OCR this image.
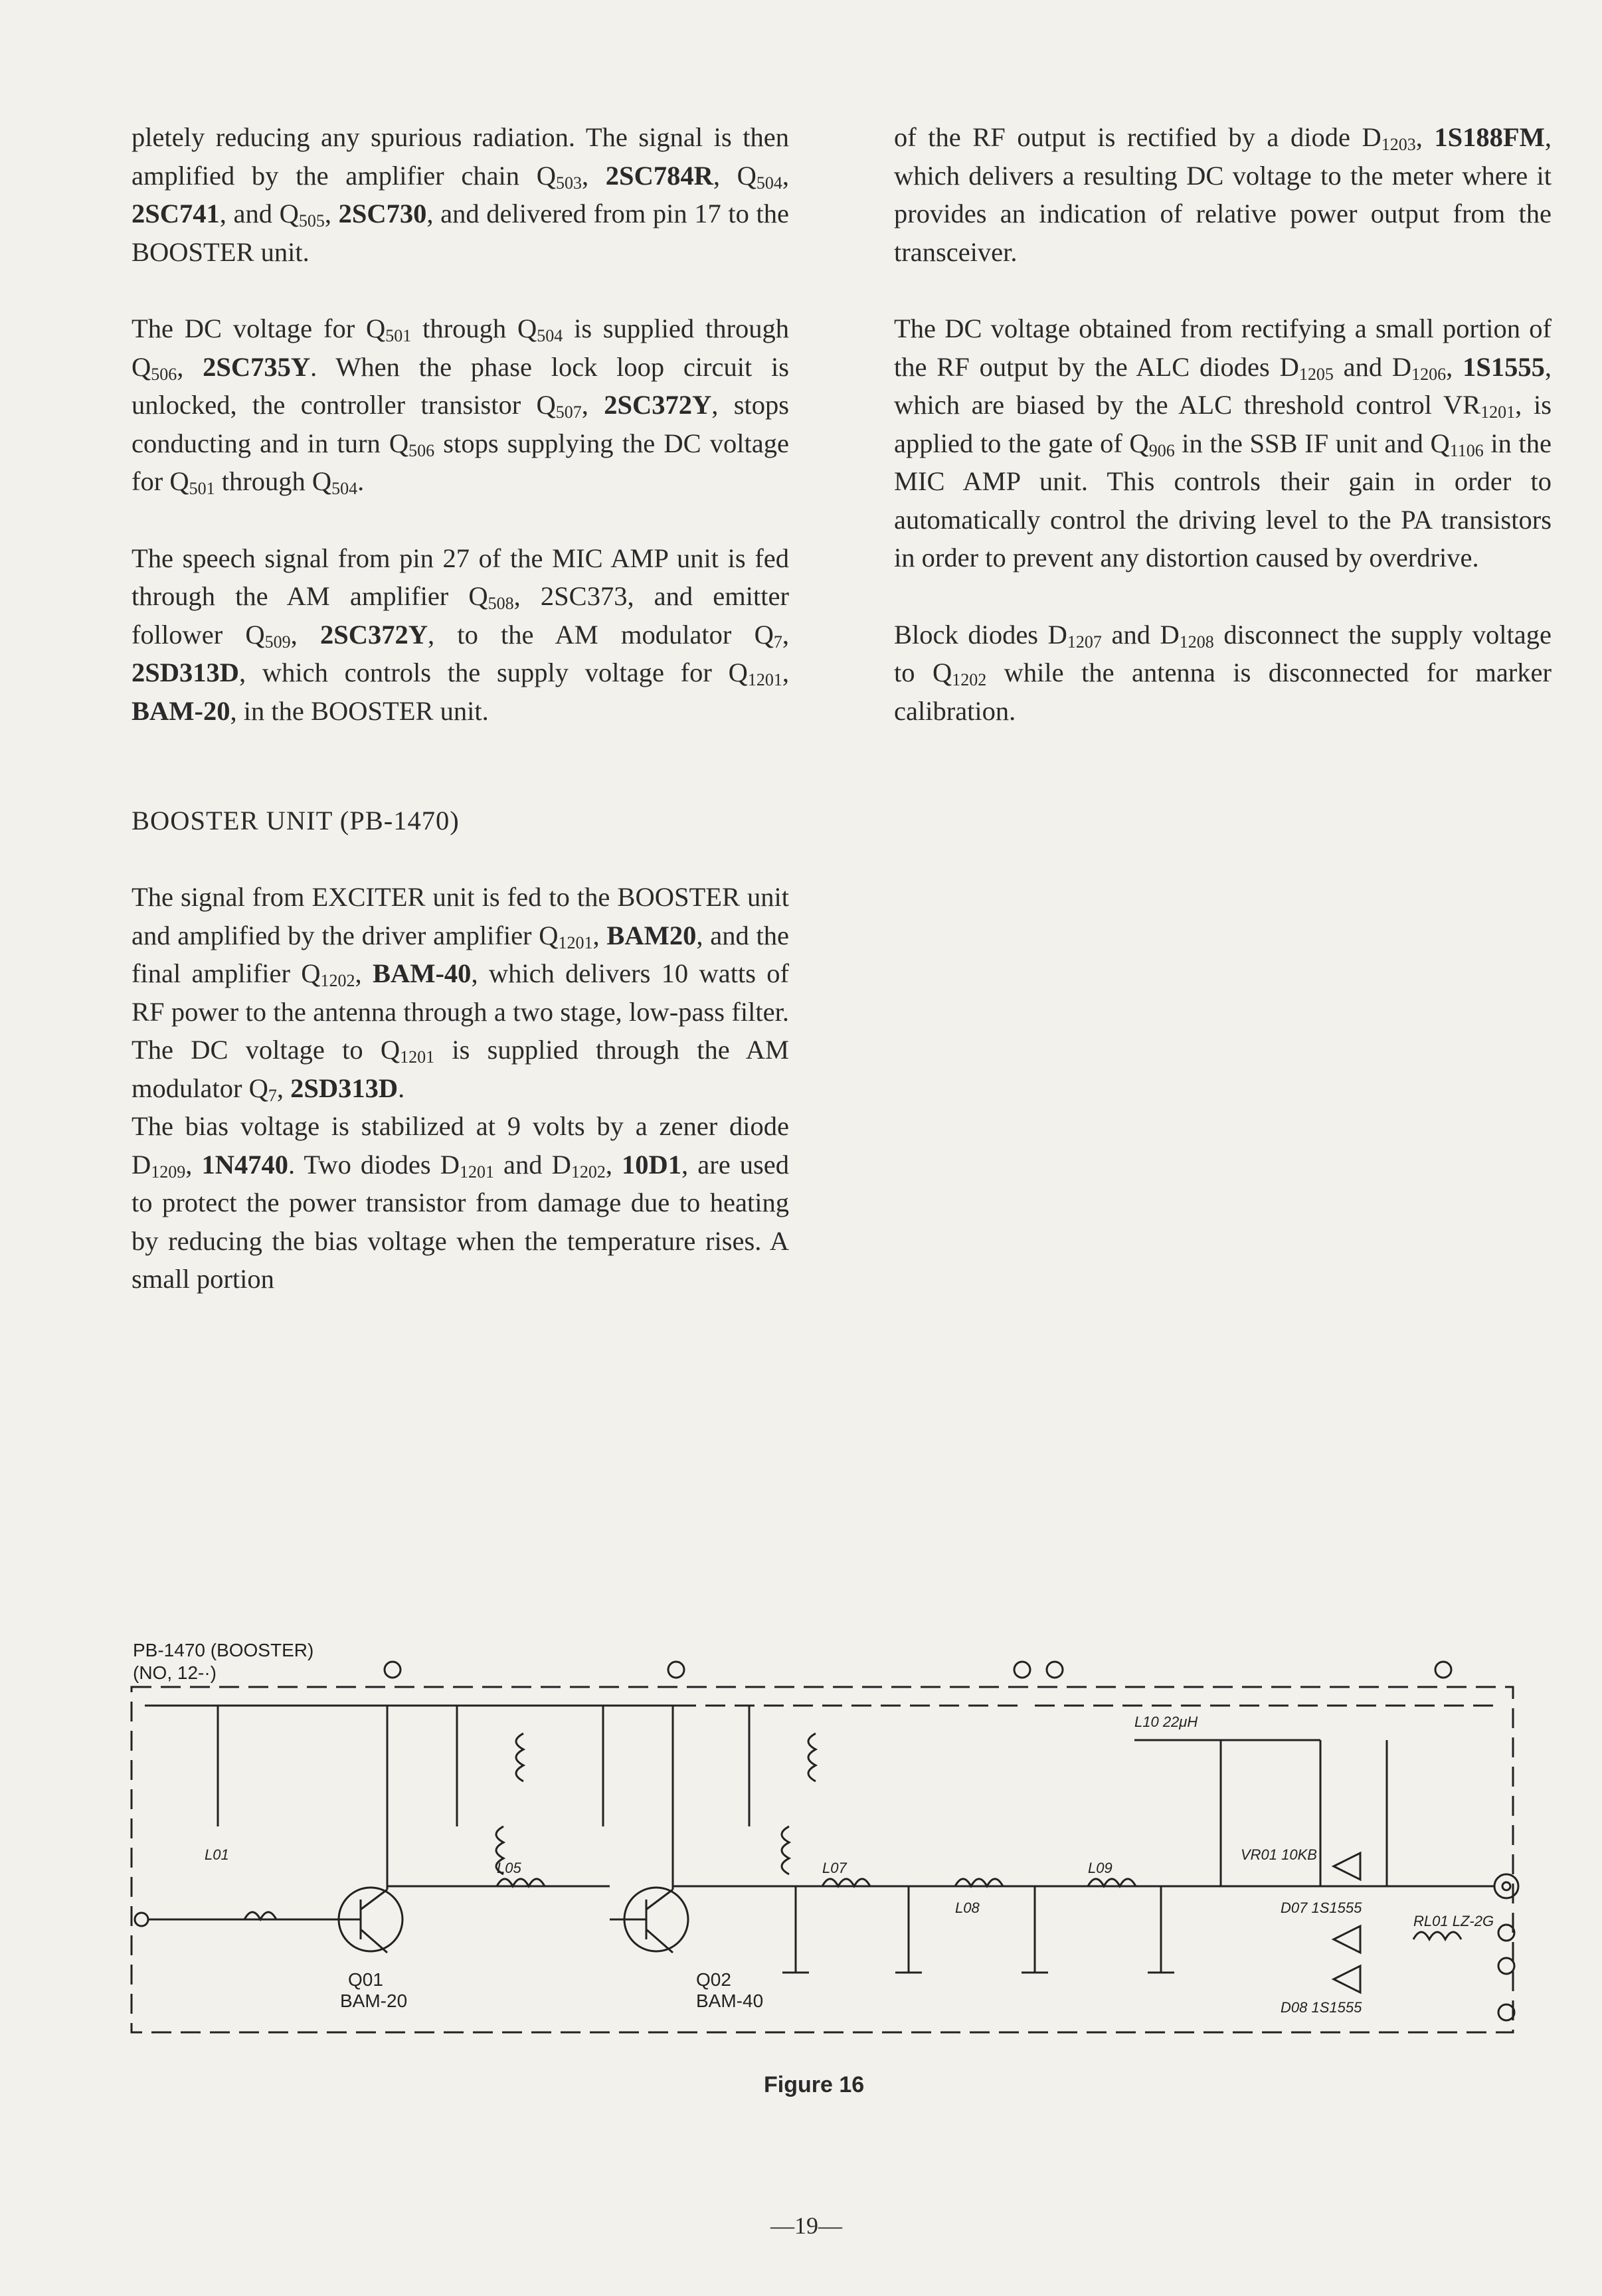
pletely reducing any spurious radiation. The signal is then amplified by the amplifier chain $Q_{503}$, 2SC784R, $Q_{504}$, 2SC741, and $Q_{505}$, 2SC730, and delivered from pin 17 to the BOOSTER unit.

The DC voltage for $Q_{501}$ through $Q_{504}$ is supplied through $Q_{506}$, 2SC735Y. When the phase lock loop circuit is unlocked, the controller transistor $Q_{507}$, 2SC372Y, stops conducting and in turn $Q_{506}$ stops supplying the DC voltage for $Q_{501}$ through $Q_{504}$.

The speech signal from pin 27 of the MIC AMP unit is fed through the AM amplifier $Q_{508}$, 2SC373, and emitter follower $Q_{509}$, 2SC372Y, to the AM modulator $Q_7$, 2SD313D, which controls the supply voltage for $Q_{1201}$, BAM-20, in the BOOSTER unit.

BOOSTER UNIT (PB-1470)

The signal from EXCITER unit is fed to the BOOSTER unit and amplified by the driver amplifier $Q_{1201}$, BAM20, and the final amplifier $Q_{1202}$, BAM-40, which delivers 10 watts of RF power to the antenna through a two stage, low-pass filter. The DC voltage to $Q_{1201}$ is supplied through the AM modulator $Q_7$, 2SD313D.

The bias voltage is stabilized at 9 volts by a zener diode $D_{1209}$, 1N4740. Two diodes $D_{1201}$ and $D_{1202}$, 10D1, are used to protect the power transistor from damage due to heating by reducing the bias voltage when the temperature rises. A small portion

of the RF output is rectified by a diode $D_{1203}$, 1S188FM, which delivers a resulting DC voltage to the meter where it provides an indication of relative power output from the transceiver.

The DC voltage obtained from rectifying a small portion of the RF output by the ALC diodes $D_{1205}$ and $D_{1206}$, 1S1555, which are biased by the ALC threshold control $VR_{1201}$, is applied to the gate of $Q_{906}$ in the SSB IF unit and $Q_{1106}$ in the MIC AMP unit. This controls their gain in order to automatically control the driving level to the PA transistors in order to prevent any distortion caused by overdrive.

Block diodes $D_{1207}$ and $D_{1208}$ disconnect the supply voltage to $Q_{1202}$ while the antenna is disconnected for marker calibration.

PB-1470 (BOOSTER)
(NO, 12-·)
Q01
BAM-20
Q02
BAM-40
L01
L05	L07
L08
L09
L10 22μH
VR01 10KB
D07 1S1555
D08 1S1555
RL01 LZ-2G
Figure 16
—19—
